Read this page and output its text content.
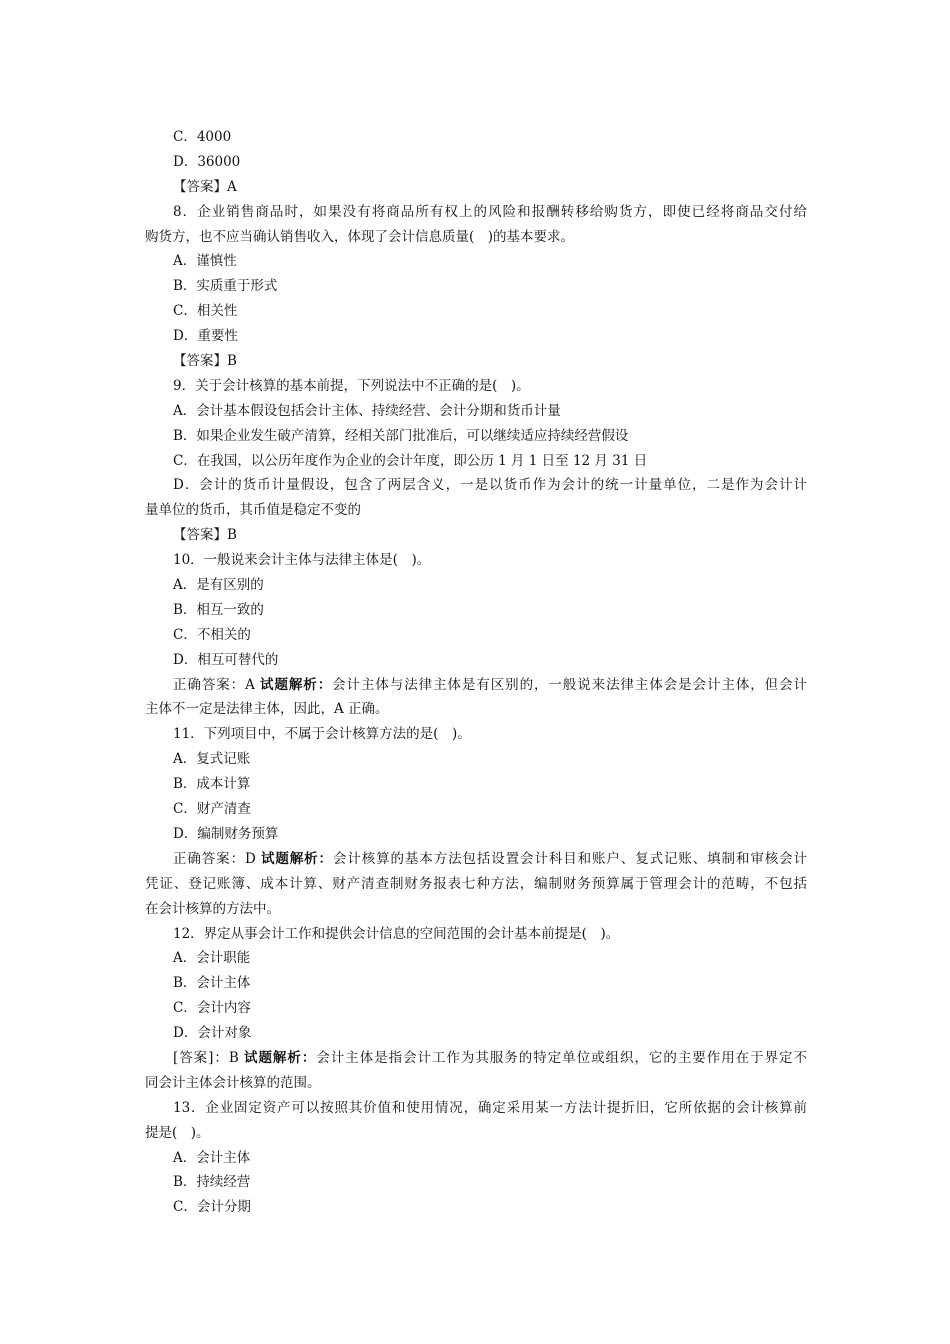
C．4000
D．36000
【答案】A
8．企业销售商品时，如果没有将商品所有权上的风险和报酬转移给购货方，即使已经将商品交付给
购货方，也不应当确认销售收入，体现了会计信息质量(　)的基本要求。
A．谨慎性
B．实质重于形式
C．相关性
D．重要性
【答案】B
9．关于会计核算的基本前提，下列说法中不正确的是(　)。
A．会计基本假设包括会计主体、持续经营、会计分期和货币计量
B．如果企业发生破产清算，经相关部门批准后，可以继续适应持续经营假设
C．在我国，以公历年度作为企业的会计年度，即公历 1 月 1 日至 12 月 31 日
D．会计的货币计量假设，包含了两层含义，一是以货币作为会计的统一计量单位，二是作为会计计
量单位的货币，其币值是稳定不变的
【答案】B
10．一般说来会计主体与法律主体是(　)。
A．是有区别的
B．相互一致的
C．不相关的
D．相互可替代的
正确答案：A 试题解析：会计主体与法律主体是有区别的，一般说来法律主体会是会计主体，但会计
主体不一定是法律主体，因此，A 正确。
11．下列项目中，不属于会计核算方法的是(　)。
A．复式记账
B．成本计算
C．财产清查
D．编制财务预算
正确答案：D 试题解析：会计核算的基本方法包括设置会计科目和账户、复式记账、填制和审核会计
凭证、登记账簿、成本计算、财产清查制财务报表七种方法，编制财务预算属于管理会计的范畴，不包括
在会计核算的方法中。
12．界定从事会计工作和提供会计信息的空间范围的会计基本前提是(　)。
A．会计职能
B．会计主体
C．会计内容
D．会计对象
[答案]：B 试题解析：会计主体是指会计工作为其服务的特定单位或组织，它的主要作用在于界定不
同会计主体会计核算的范围。
13．企业固定资产可以按照其价值和使用情况，确定采用某一方法计提折旧，它所依据的会计核算前
提是(　)。
A．会计主体
B．持续经营
C．会计分期
